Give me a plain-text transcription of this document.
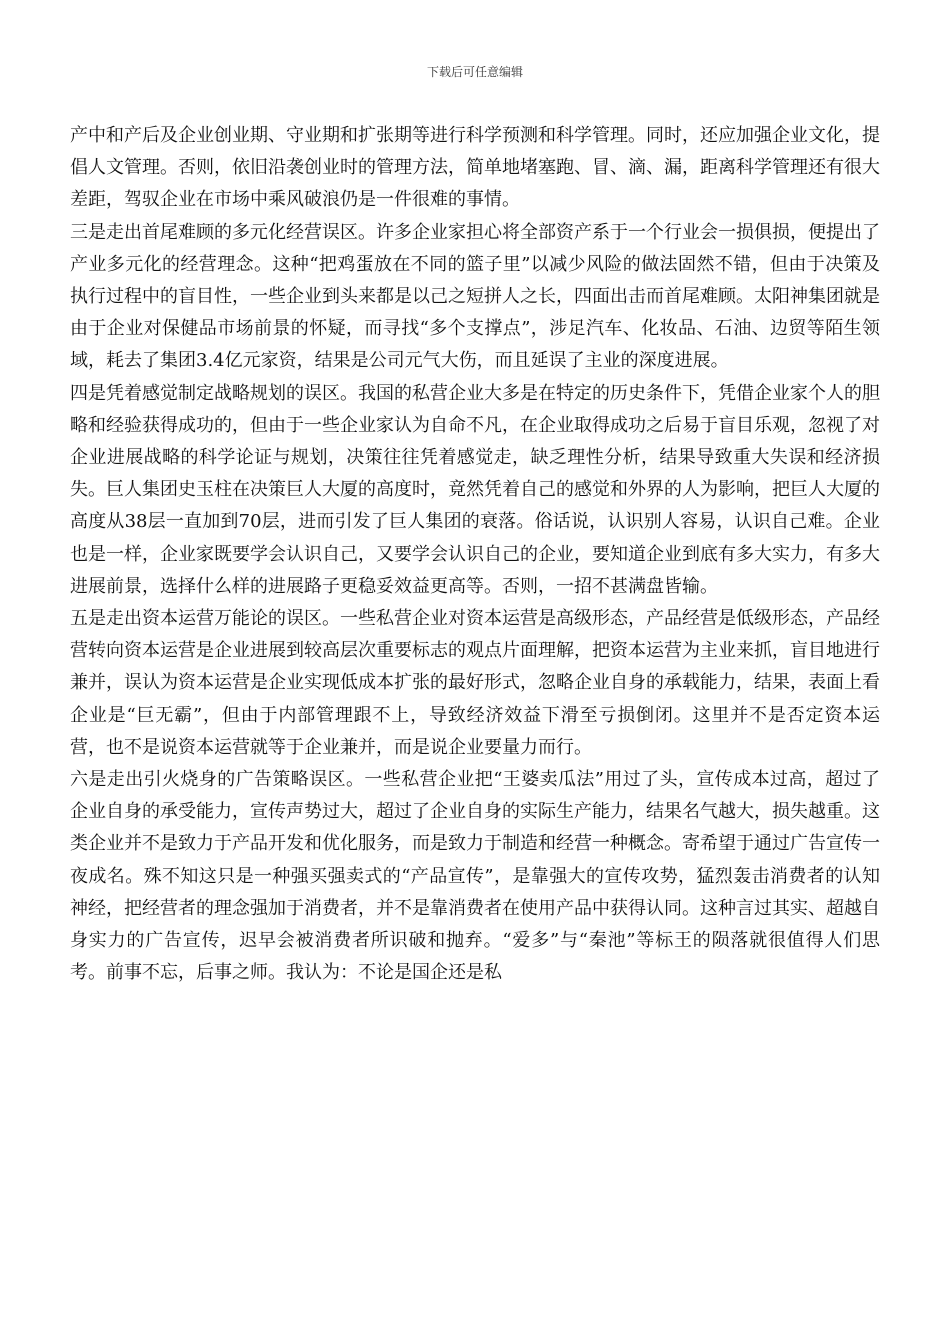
下载后可任意编辑

产中和产后及企业创业期、守业期和扩张期等进行科学预测和科学管理。同时，还应加强企业文化，提倡人文管理。否则，依旧沿袭创业时的管理方法，简单地堵塞跑、冒、滴、漏，距离科学管理还有很大差距，驾驭企业在市场中乘风破浪仍是一件很难的事情。

三是走出首尾难顾的多元化经营误区。许多企业家担心将全部资产系于一个行业会一损俱损，便提出了产业多元化的经营理念。这种“把鸡蛋放在不同的篮子里”以减少风险的做法固然不错，但由于决策及执行过程中的盲目性，一些企业到头来都是以己之短拼人之长，四面出击而首尾难顾。太阳神集团就是由于企业对保健品市场前景的怀疑，而寻找“多个支撑点”，涉足汽车、化妆品、石油、边贸等陌生领域，耗去了集团3.4亿元家资，结果是公司元气大伤，而且延误了主业的深度进展。

四是凭着感觉制定战略规划的误区。我国的私营企业大多是在特定的历史条件下，凭借企业家个人的胆略和经验获得成功的，但由于一些企业家认为自命不凡，在企业取得成功之后易于盲目乐观，忽视了对企业进展战略的科学论证与规划，决策往往凭着感觉走，缺乏理性分析，结果导致重大失误和经济损失。巨人集团史玉柱在决策巨人大厦的高度时，竟然凭着自己的感觉和外界的人为影响，把巨人大厦的高度从38层一直加到70层，进而引发了巨人集团的衰落。俗话说，认识别人容易，认识自己难。企业也是一样，企业家既要学会认识自己，又要学会认识自己的企业，要知道企业到底有多大实力，有多大进展前景，选择什么样的进展路子更稳妥效益更高等。否则，一招不甚满盘皆输。

五是走出资本运营万能论的误区。一些私营企业对资本运营是高级形态，产品经营是低级形态，产品经营转向资本运营是企业进展到较高层次重要标志的观点片面理解，把资本运营为主业来抓，盲目地进行兼并，误认为资本运营是企业实现低成本扩张的最好形式，忽略企业自身的承载能力，结果，表面上看企业是“巨无霸”，但由于内部管理跟不上，导致经济效益下滑至亏损倒闭。这里并不是否定资本运营，也不是说资本运营就等于企业兼并，而是说企业要量力而行。

六是走出引火烧身的广告策略误区。一些私营企业把“王婆卖瓜法”用过了头，宣传成本过高，超过了企业自身的承受能力，宣传声势过大，超过了企业自身的实际生产能力，结果名气越大，损失越重。这类企业并不是致力于产品开发和优化服务，而是致力于制造和经营一种概念。寄希望于通过广告宣传一夜成名。殊不知这只是一种强买强卖式的“产品宣传”，是靠强大的宣传攻势，猛烈轰击消费者的认知神经，把经营者的理念强加于消费者，并不是靠消费者在使用产品中获得认同。这种言过其实、超越自身实力的广告宣传，迟早会被消费者所识破和抛弃。“爱多”与“秦池”等标王的陨落就很值得人们思考。前事不忘，后事之师。我认为：不论是国企还是私
